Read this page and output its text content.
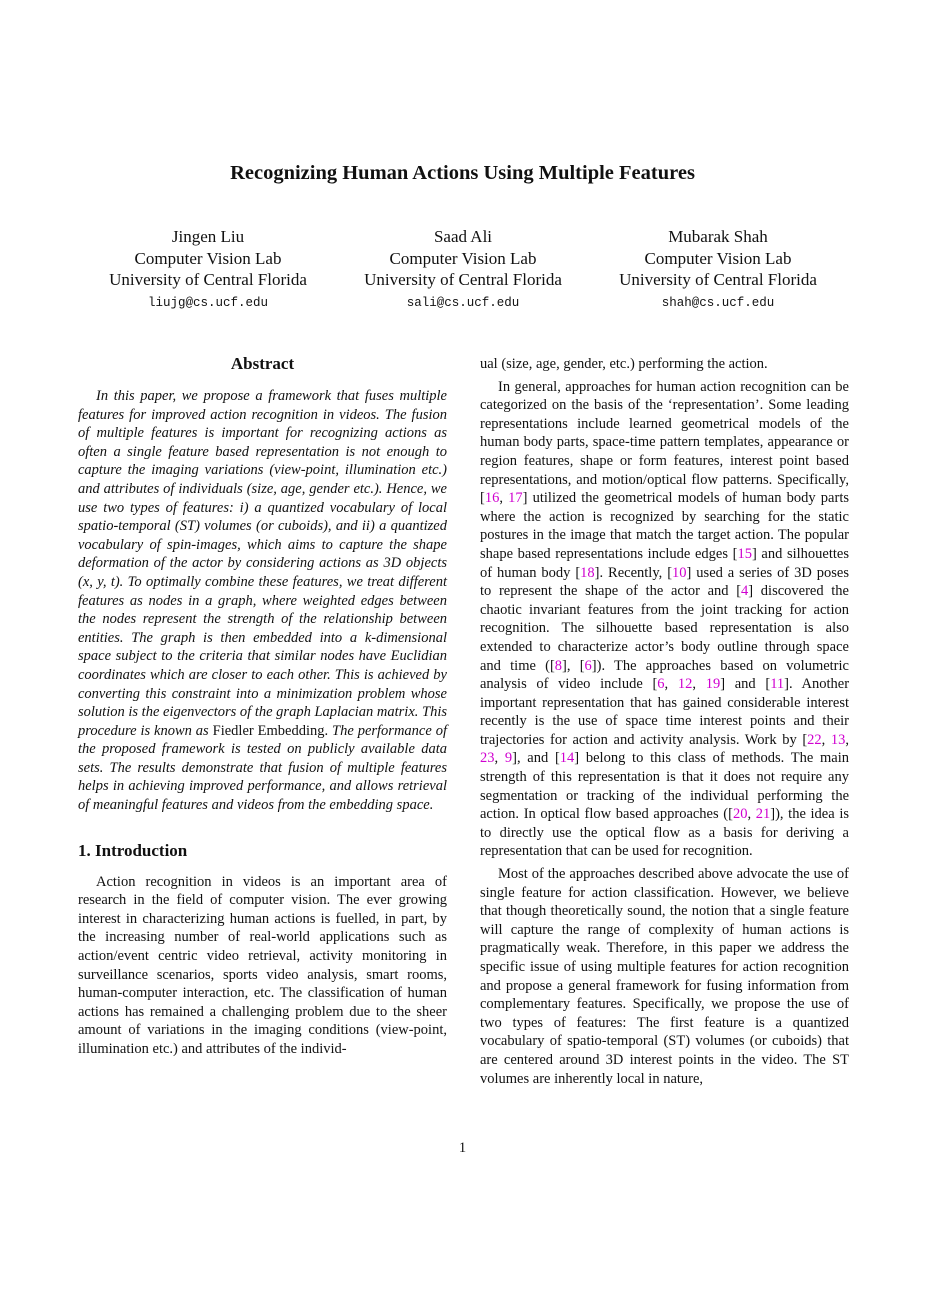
Recognizing Human Actions Using Multiple Features
Jingen Liu
Computer Vision Lab
University of Central Florida
liujg@cs.ucf.edu
Saad Ali
Computer Vision Lab
University of Central Florida
sali@cs.ucf.edu
Mubarak Shah
Computer Vision Lab
University of Central Florida
shah@cs.ucf.edu
Abstract

In this paper, we propose a framework that fuses multiple features for improved action recognition in videos. The fusion of multiple features is important for recognizing actions as often a single feature based representation is not enough to capture the imaging variations (view-point, illumination etc.) and attributes of individuals (size, age, gender etc.). Hence, we use two types of features: i) a quantized vocabulary of local spatio-temporal (ST) volumes (or cuboids), and ii) a quantized vocabulary of spin-images, which aims to capture the shape deformation of the actor by considering actions as 3D objects (x, y, t). To optimally combine these features, we treat different features as nodes in a graph, where weighted edges between the nodes represent the strength of the relationship between entities. The graph is then embedded into a k-dimensional space subject to the criteria that similar nodes have Euclidian coordinates which are closer to each other. This is achieved by converting this constraint into a minimization problem whose solution is the eigenvectors of the graph Laplacian matrix. This procedure is known as Fiedler Embedding. The performance of the proposed framework is tested on publicly available data sets. The results demonstrate that fusion of multiple features helps in achieving improved performance, and allows retrieval of meaningful features and videos from the embedding space.

1. Introduction

Action recognition in videos is an important area of research in the field of computer vision. The ever growing interest in characterizing human actions is fuelled, in part, by the increasing number of real-world applications such as action/event centric video retrieval, activity monitoring in surveillance scenarios, sports video analysis, smart rooms, human-computer interaction, etc. The classification of human actions has remained a challenging problem due to the sheer amount of variations in the imaging conditions (view-point, illumination etc.) and attributes of the individ-

ual (size, age, gender, etc.) performing the action.

In general, approaches for human action recognition can be categorized on the basis of the ‘representation’. Some leading representations include learned geometrical models of the human body parts, space-time pattern templates, appearance or region features, shape or form features, interest point based representations, and motion/optical flow patterns. Specifically, [16, 17] utilized the geometrical models of human body parts where the action is recognized by searching for the static postures in the image that match the target action. The popular shape based representations include edges [15] and silhouettes of human body [18]. Recently, [10] used a series of 3D poses to represent the shape of the actor and [4] discovered the chaotic invariant features from the joint tracking for action recognition. The silhouette based representation is also extended to characterize actor’s body outline through space and time ([8], [6]). The approaches based on volumetric analysis of video include [6, 12, 19] and [11]. Another important representation that has gained considerable interest recently is the use of space time interest points and their trajectories for action and activity analysis. Work by [22, 13, 23, 9], and [14] belong to this class of methods. The main strength of this representation is that it does not require any segmentation or tracking of the individual performing the action. In optical flow based approaches ([20, 21]), the idea is to directly use the optical flow as a basis for deriving a representation that can be used for recognition.

Most of the approaches described above advocate the use of single feature for action classification. However, we believe that though theoretically sound, the notion that a single feature will capture the range of complexity of human actions is pragmatically weak. Therefore, in this paper we address the specific issue of using multiple features for action recognition and propose a general framework for fusing information from complementary features. Specifically, we propose the use of two types of features: The first feature is a quantized vocabulary of spatio-temporal (ST) volumes (or cuboids) that are centered around 3D interest points in the video. The ST volumes are inherently local in nature,

1
